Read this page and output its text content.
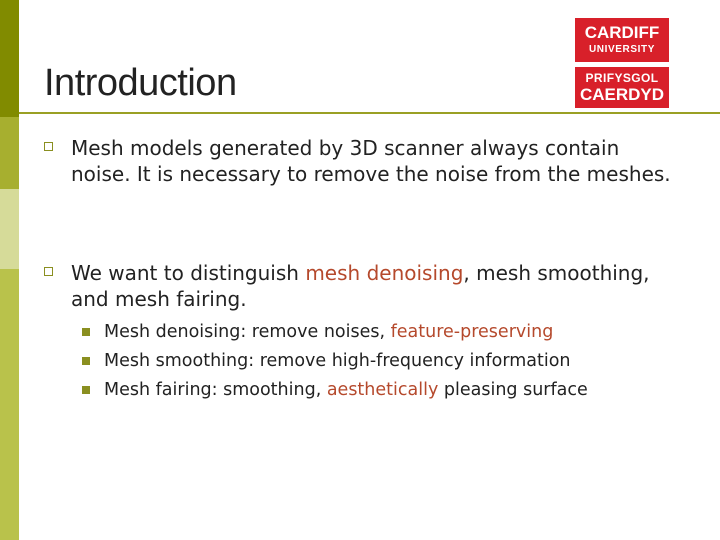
Introduction
CARDIFF
UNIVERSITY
PRIFYSGOL
CAERDYD
Mesh models generated by 3D scanner always contain noise. It is necessary to remove the noise from the meshes.
We want to distinguish mesh denoising, mesh smoothing, and mesh fairing.
Mesh denoising: remove noises, feature-preserving
Mesh smoothing: remove high-frequency information
Mesh fairing: smoothing, aesthetically pleasing surface
